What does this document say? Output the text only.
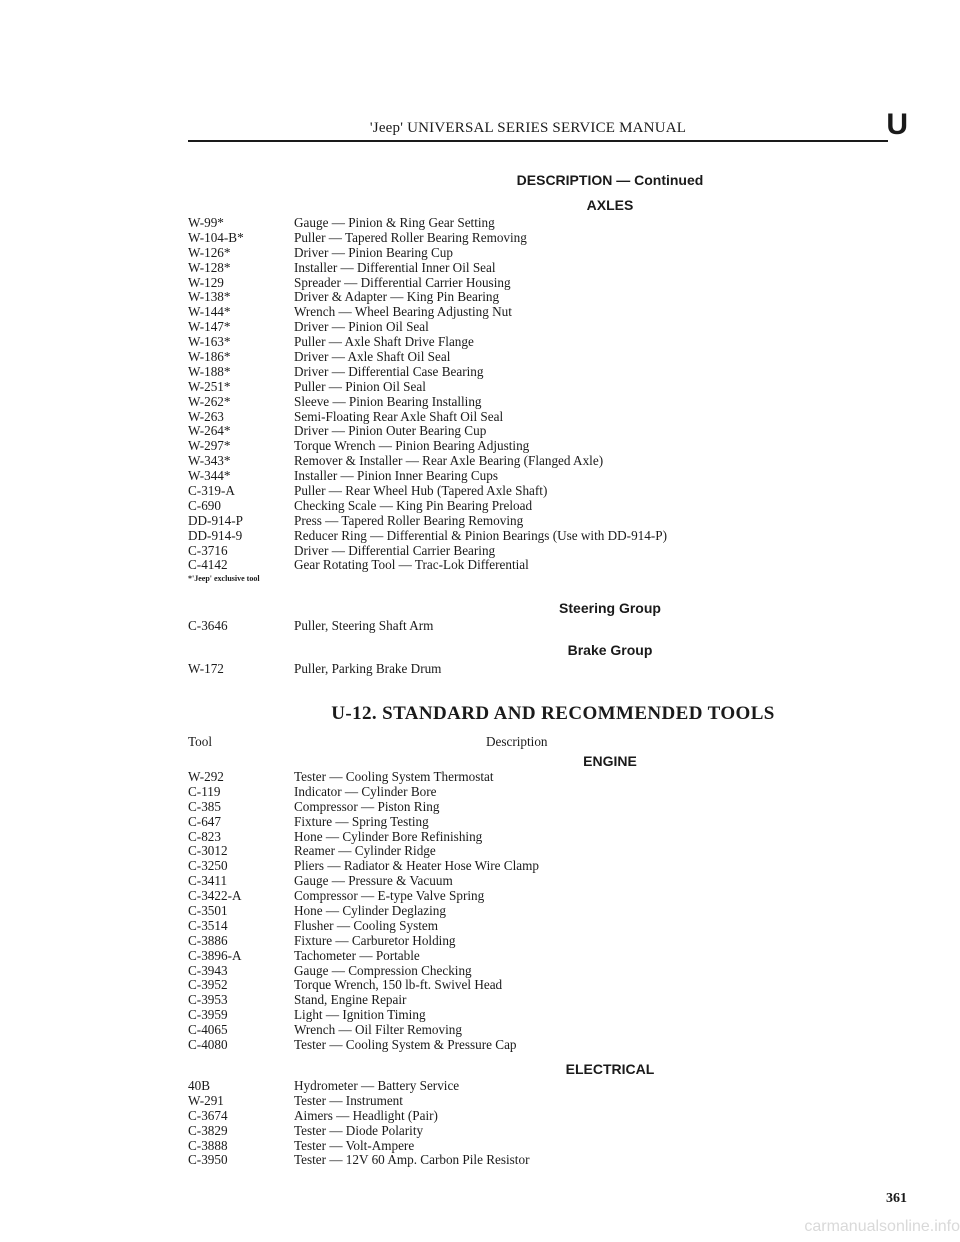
'Jeep' UNIVERSAL SERIES SERVICE MANUAL	U
DESCRIPTION — Continued
AXLES
W-99*	Gauge — Pinion & Ring Gear Setting
W-104-B*	Puller — Tapered Roller Bearing Removing
W-126*	Driver — Pinion Bearing Cup
W-128*	Installer — Differential Inner Oil Seal
W-129	Spreader — Differential Carrier Housing
W-138*	Driver & Adapter — King Pin Bearing
W-144*	Wrench — Wheel Bearing Adjusting Nut
W-147*	Driver — Pinion Oil Seal
W-163*	Puller — Axle Shaft Drive Flange
W-186*	Driver — Axle Shaft Oil Seal
W-188*	Driver — Differential Case Bearing
W-251*	Puller — Pinion Oil Seal
W-262*	Sleeve — Pinion Bearing Installing
W-263	Semi-Floating Rear Axle Shaft Oil Seal
W-264*	Driver — Pinion Outer Bearing Cup
W-297*	Torque Wrench — Pinion Bearing Adjusting
W-343*	Remover & Installer — Rear Axle Bearing (Flanged Axle)
W-344*	Installer — Pinion Inner Bearing Cups
C-319-A	Puller — Rear Wheel Hub (Tapered Axle Shaft)
C-690	Checking Scale — King Pin Bearing Preload
DD-914-P	Press — Tapered Roller Bearing Removing
DD-914-9	Reducer Ring — Differential & Pinion Bearings (Use with DD-914-P)
C-3716	Driver — Differential Carrier Bearing
C-4142	Gear Rotating Tool — Trac-Lok Differential
*'Jeep' exclusive tool
Steering Group
C-3646	Puller, Steering Shaft Arm
Brake Group
W-172	Puller, Parking Brake Drum
U-12. STANDARD AND RECOMMENDED TOOLS
Tool	Description
ENGINE
W-292	Tester — Cooling System Thermostat
C-119	Indicator — Cylinder Bore
C-385	Compressor — Piston Ring
C-647	Fixture — Spring Testing
C-823	Hone — Cylinder Bore Refinishing
C-3012	Reamer — Cylinder Ridge
C-3250	Pliers — Radiator & Heater Hose Wire Clamp
C-3411	Gauge — Pressure & Vacuum
C-3422-A	Compressor — E-type Valve Spring
C-3501	Hone — Cylinder Deglazing
C-3514	Flusher — Cooling System
C-3886	Fixture — Carburetor Holding
C-3896-A	Tachometer — Portable
C-3943	Gauge — Compression Checking
C-3952	Torque Wrench, 150 lb-ft. Swivel Head
C-3953	Stand, Engine Repair
C-3959	Light — Ignition Timing
C-4065	Wrench — Oil Filter Removing
C-4080	Tester — Cooling System & Pressure Cap
ELECTRICAL
40B	Hydrometer — Battery Service
W-291	Tester — Instrument
C-3674	Aimers — Headlight (Pair)
C-3829	Tester — Diode Polarity
C-3888	Tester — Volt-Ampere
C-3950	Tester — 12V 60 Amp. Carbon Pile Resistor
361
carmanualsonline.info
